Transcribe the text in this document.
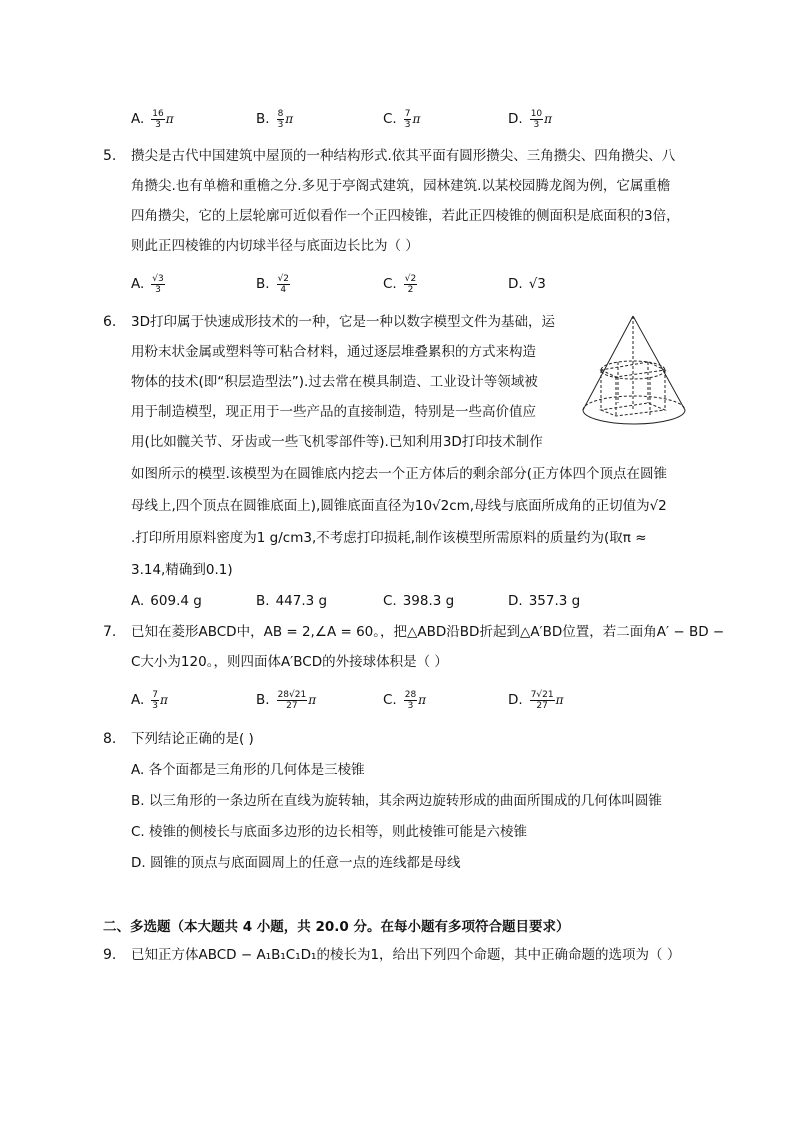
A. $\frac{16}{3}$ π	B. $\frac{8}{3}$ π	C. $\frac{7}{3}$ π	D. $\frac{10}{3}$ π
5. 攒尖是古代中国建筑中屋顶的一种结构形式.依其平面有圆形攒尖、三角攒尖、四角攒尖、八
角攒尖.也有单檐和重檐之分.多见于亭阁式建筑，园林建筑.以某校园腾龙阁为例，它属重檐
四角攒尖，它的上层轮廓可近似看作一个正四棱锥，若此正四棱锥的侧面积是底面积的3倍，
则此正四棱锥的内切球半径与底面边长比为（ ）
A. $\frac{√3}{3}$	B. $\frac{√2}{4}$	C. $\frac{√2}{2}$	D. √3
6. 3D打印属于快速成形技术的一种，它是一种以数字模型文件为基础，运
用粉末状金属或塑料等可粘合材料，通过逐层堆叠累积的方式来构造
物体的技术(即“积层造型法”).过去常在模具制造、工业设计等领域被
用于制造模型，现正用于一些产品的直接制造，特别是一些高价值应
用(比如髋关节、牙齿或一些飞机零部件等).已知利用3D打印技术制作
如图所示的模型.该模型为在圆锥底内挖去一个正方体后的剩余部分(正方体四个顶点在圆锥
母线上,四个顶点在圆锥底面上),圆锥底面直径为10√2cm,母线与底面所成角的正切值为√2
.打印所用原料密度为1 g/cm3,不考虑打印损耗,制作该模型所需原料的质量约为(取π ≈
3.14,精确到0.1)
A. 609.4 g	B. 447.3 g	C. 398.3 g	D. 357.3 g
7. 已知在菱形ABCD中，AB = 2,∠A = 60。，把△ABD沿BD折起到△A′BD位置，若二面角A′ − BD −
C大小为120。，则四面体A′BCD的外接球体积是（ ）
A. $\frac{7}{3}$ π	B. $\frac{28√21}{27}$ π	C. $\frac{28}{3}$ π	D. $\frac{7√21}{27}$ π
8. 下列结论正确的是( )
A. 各个面都是三角形的几何体是三棱锥
B. 以三角形的一条边所在直线为旋转轴，其余两边旋转形成的曲面所围成的几何体叫圆锥
C. 棱锥的侧棱长与底面多边形的边长相等，则此棱锥可能是六棱锥
D. 圆锥的顶点与底面圆周上的任意一点的连线都是母线
二、多选题（本大题共 4 小题，共 20.0 分。在每小题有多项符合题目要求）
9. 已知正方体ABCD − A₁B₁C₁D₁的棱长为1，给出下列四个命题，其中正确命题的选项为（ ）
